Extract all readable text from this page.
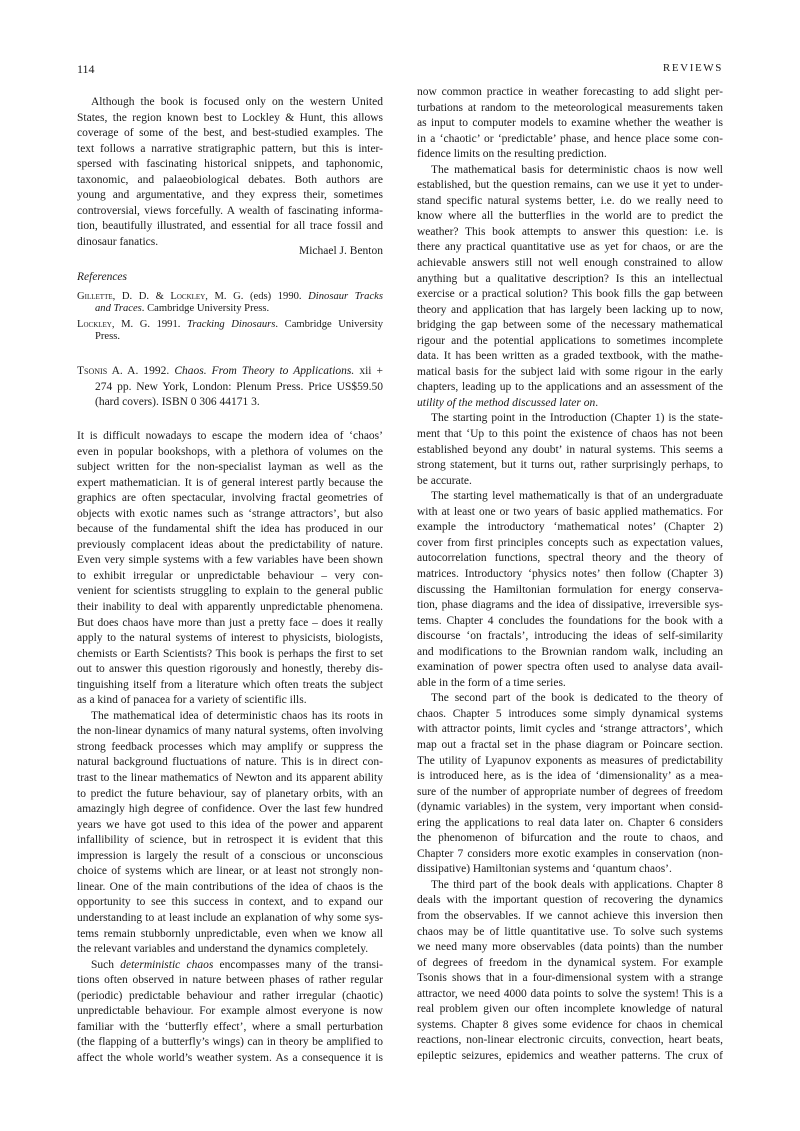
114	REVIEWS
Although the book is focused only on the western United
States, the region known best to Lockley & Hunt, this allows
coverage of some of the best, and best-studied examples. The
text follows a narrative stratigraphic pattern, but this is inter-
spersed with fascinating historical snippets, and taphonomic,
taxonomic, and palaeobiological debates. Both authors are
young and argumentative, and they express their, sometimes
controversial, views forcefully. A wealth of fascinating informa-
tion, beautifully illustrated, and essential for all trace fossil and
dinosaur fanatics.
Michael J. Benton
References
Gillette, D. D. & Lockley, M. G. (eds) 1990. Dinosaur Tracks
and Traces. Cambridge University Press.
Lockley, M. G. 1991. Tracking Dinosaurs. Cambridge University
Press.
Tsonis A. A. 1992. Chaos. From Theory to Applications. xii +
274 pp. New York, London: Plenum Press. Price US$59.50
(hard covers). ISBN 0 306 44171 3.
It is difficult nowadays to escape the modern idea of ‘chaos’
even in popular bookshops, with a plethora of volumes on the
subject written for the non-specialist layman as well as the
expert mathematician. It is of general interest partly because the
graphics are often spectacular, involving fractal geometries of
objects with exotic names such as ‘strange attractors’, but also
because of the fundamental shift the idea has produced in our
previously complacent ideas about the predictability of nature.
Even very simple systems with a few variables have been shown
to exhibit irregular or unpredictable behaviour – very con-
venient for scientists struggling to explain to the general public
their inability to deal with apparently unpredictable phenomena.
But does chaos have more than just a pretty face – does it really
apply to the natural systems of interest to physicists, biologists,
chemists or Earth Scientists? This book is perhaps the first to set
out to answer this question rigorously and honestly, thereby dis-
tinguishing itself from a literature which often treats the subject
as a kind of panacea for a variety of scientific ills.
The mathematical idea of deterministic chaos has its roots in
the non-linear dynamics of many natural systems, often involving
strong feedback processes which may amplify or suppress the
natural background fluctuations of nature. This is in direct con-
trast to the linear mathematics of Newton and its apparent ability
to predict the future behaviour, say of planetary orbits, with an
amazingly high degree of confidence. Over the last few hundred
years we have got used to this idea of the power and apparent
infallibility of science, but in retrospect it is evident that this
impression is largely the result of a conscious or unconscious
choice of systems which are linear, or at least not strongly non-
linear. One of the main contributions of the idea of chaos is the
opportunity to see this success in context, and to expand our
understanding to at least include an explanation of why some sys-
tems remain stubbornly unpredictable, even when we know all
the relevant variables and understand the dynamics completely.
Such deterministic chaos encompasses many of the transi-
tions often observed in nature between phases of rather regular
(periodic) predictable behaviour and rather irregular (chaotic)
unpredictable behaviour. For example almost everyone is now
familiar with the ‘butterfly effect’, where a small perturbation
(the flapping of a butterfly’s wings) can in theory be amplified to
affect the whole world’s weather system. As a consequence it is
now common practice in weather forecasting to add slight per-
turbations at random to the meteorological measurements taken
as input to computer models to examine whether the weather is
in a ‘chaotic’ or ‘predictable’ phase, and hence place some con-
fidence limits on the resulting prediction.
The mathematical basis for deterministic chaos is now well
established, but the question remains, can we use it yet to under-
stand specific natural systems better, i.e. do we really need to
know where all the butterflies in the world are to predict the
weather? This book attempts to answer this question: i.e. is
there any practical quantitative use as yet for chaos, or are the
achievable answers still not well enough constrained to allow
anything but a qualitative description? Is this an intellectual
exercise or a practical solution? This book fills the gap between
theory and application that has largely been lacking up to now,
bridging the gap between some of the necessary mathematical
rigour and the potential applications to sometimes incomplete
data. It has been written as a graded textbook, with the mathe-
matical basis for the subject laid with some rigour in the early
chapters, leading up to the applications and an assessment of the
utility of the method discussed later on.
The starting point in the Introduction (Chapter 1) is the state-
ment that ‘Up to this point the existence of chaos has not been
established beyond any doubt’ in natural systems. This seems a
strong statement, but it turns out, rather surprisingly perhaps, to
be accurate.
The starting level mathematically is that of an undergraduate
with at least one or two years of basic applied mathematics. For
example the introductory ‘mathematical notes’ (Chapter 2)
cover from first principles concepts such as expectation values,
autocorrelation functions, spectral theory and the theory of
matrices. Introductory ‘physics notes’ then follow (Chapter 3)
discussing the Hamiltonian formulation for energy conserva-
tion, phase diagrams and the idea of dissipative, irreversible sys-
tems. Chapter 4 concludes the foundations for the book with a
discourse ‘on fractals’, introducing the ideas of self-similarity
and modifications to the Brownian random walk, including an
examination of power spectra often used to analyse data avail-
able in the form of a time series.
The second part of the book is dedicated to the theory of
chaos. Chapter 5 introduces some simply dynamical systems
with attractor points, limit cycles and ‘strange attractors’, which
map out a fractal set in the phase diagram or Poincare section.
The utility of Lyapunov exponents as measures of predictability
is introduced here, as is the idea of ‘dimensionality’ as a mea-
sure of the number of appropriate number of degrees of freedom
(dynamic variables) in the system, very important when consid-
ering the applications to real data later on. Chapter 6 considers
the phenomenon of bifurcation and the route to chaos, and
Chapter 7 considers more exotic examples in conservation (non-
dissipative) Hamiltonian systems and ‘quantum chaos’.
The third part of the book deals with applications. Chapter 8
deals with the important question of recovering the dynamics
from the observables. If we cannot achieve this inversion then
chaos may be of little quantitative use. To solve such systems
we need many more observables (data points) than the number
of degrees of freedom in the dynamical system. For example
Tsonis shows that in a four-dimensional system with a strange
attractor, we need 4000 data points to solve the system! This is a
real problem given our often incomplete knowledge of natural
systems. Chapter 8 gives some evidence for chaos in chemical
reactions, non-linear electronic circuits, convection, heart beats,
epileptic seizures, epidemics and weather patterns. The crux of
